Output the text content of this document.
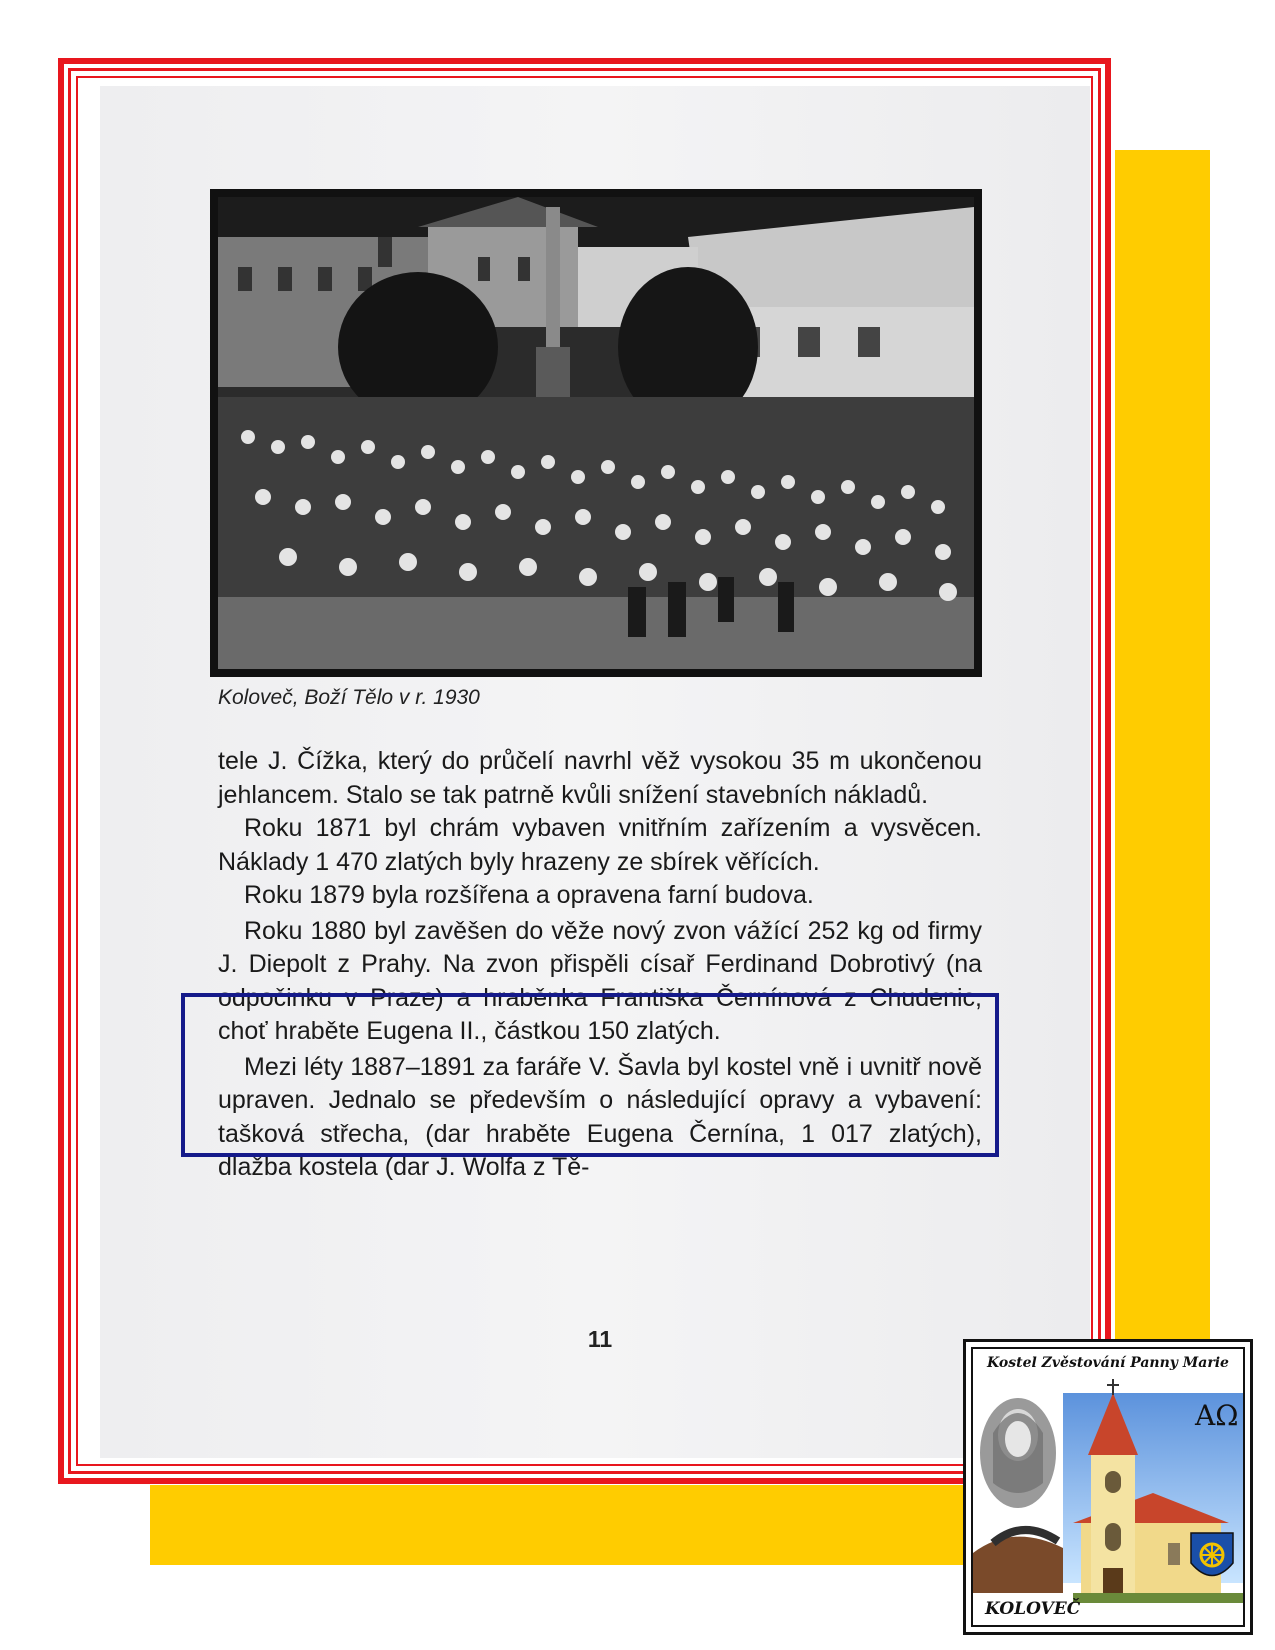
Koloveč, Boží Tělo v r. 1930

tele J. Čížka, který do průčelí navrhl věž vysokou 35 m ukončenou jehlancem. Stalo se tak patrně kvůli snížení stavebních nákladů.

Roku 1871 byl chrám vybaven vnitřním zařízením a vysvěcen. Náklady 1 470 zlatých byly hrazeny ze sbírek věřících.

Roku 1879 byla rozšířena a opravena farní budova.

Roku 1880 byl zavěšen do věže nový zvon vážící 252 kg od firmy J. Diepolt z Prahy. Na zvon přispěli císař Ferdinand Dobrotivý (na odpočinku v Praze) a hraběnka Františka Černínová z Chudenic, choť hraběte Eugena II., částkou 150 zlatých.

Mezi léty 1887–1891 za faráře V. Šavla byl kostel vně i uvnitř nově upraven. Jednalo se především o následující opravy a vybavení: tašková střecha, (dar hraběte Eugena Černína, 1 017 zlatých), dlažba kostela (dar J. Wolfa z Tě-

11
Kostel Zvěstování Panny Marie
AΩ
KOLOVEČ
